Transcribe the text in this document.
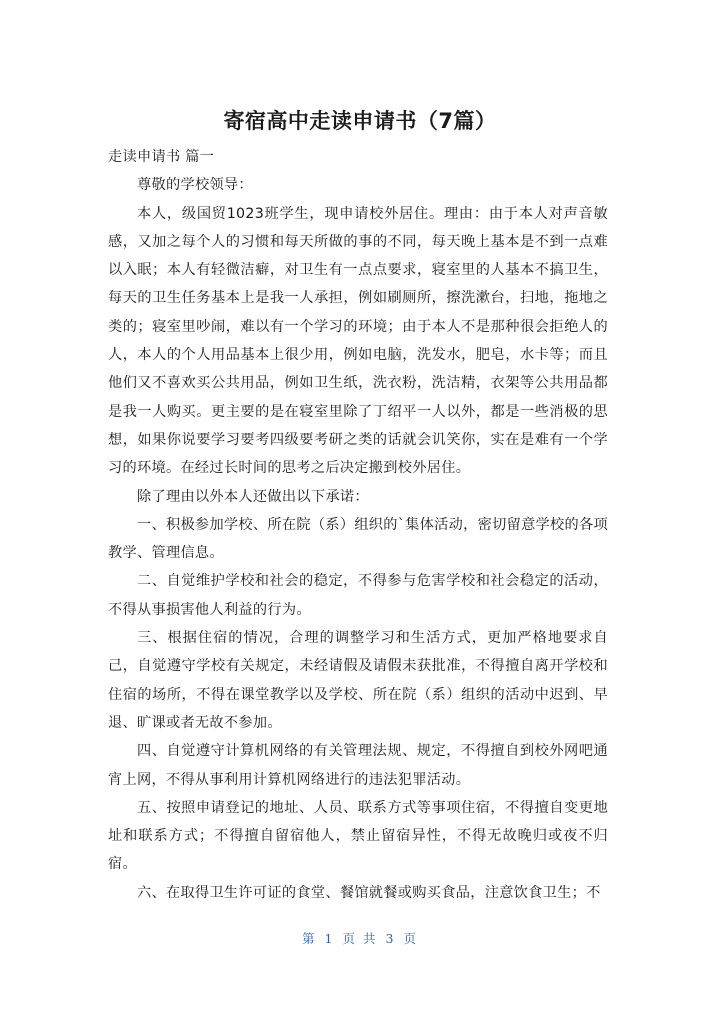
寄宿高中走读申请书（7篇）

走读申请书 篇一

尊敬的学校领导：

本人，级国贸1023班学生，现申请校外居住。理由：由于本人对声音敏感，又加之每个人的习惯和每天所做的事的不同，每天晚上基本是不到一点难以入眠；本人有轻微洁癖，对卫生有一点点要求，寝室里的人基本不搞卫生，每天的卫生任务基本上是我一人承担，例如刷厕所，擦洗漱台，扫地，拖地之类的；寝室里吵闹，难以有一个学习的环境；由于本人不是那种很会拒绝人的人，本人的个人用品基本上很少用，例如电脑，洗发水，肥皂，水卡等；而且他们又不喜欢买公共用品，例如卫生纸，洗衣粉，洗洁精，衣架等公共用品都是我一人购买。更主要的是在寝室里除了丁绍平一人以外，都是一些消极的思想，如果你说要学习要考四级要考研之类的话就会讥笑你，实在是难有一个学习的环境。在经过长时间的思考之后决定搬到校外居住。

除了理由以外本人还做出以下承诺：

一、积极参加学校、所在院（系）组织的`集体活动，密切留意学校的各项教学、管理信息。

二、自觉维护学校和社会的稳定，不得参与危害学校和社会稳定的活动，不得从事损害他人利益的行为。

三、根据住宿的情况，合理的调整学习和生活方式，更加严格地要求自己，自觉遵守学校有关规定，未经请假及请假未获批准，不得擅自离开学校和住宿的场所，不得在课堂教学以及学校、所在院（系）组织的活动中迟到、早退、旷课或者无故不参加。

四、自觉遵守计算机网络的有关管理法规、规定，不得擅自到校外网吧通宵上网，不得从事利用计算机网络进行的违法犯罪活动。

五、按照申请登记的地址、人员、联系方式等事项住宿，不得擅自变更地址和联系方式；不得擅自留宿他人，禁止留宿异性，不得无故晚归或夜不归宿。

六、在取得卫生许可证的食堂、餐馆就餐或购买食品，注意饮食卫生；不

第 1 页 共 3 页
